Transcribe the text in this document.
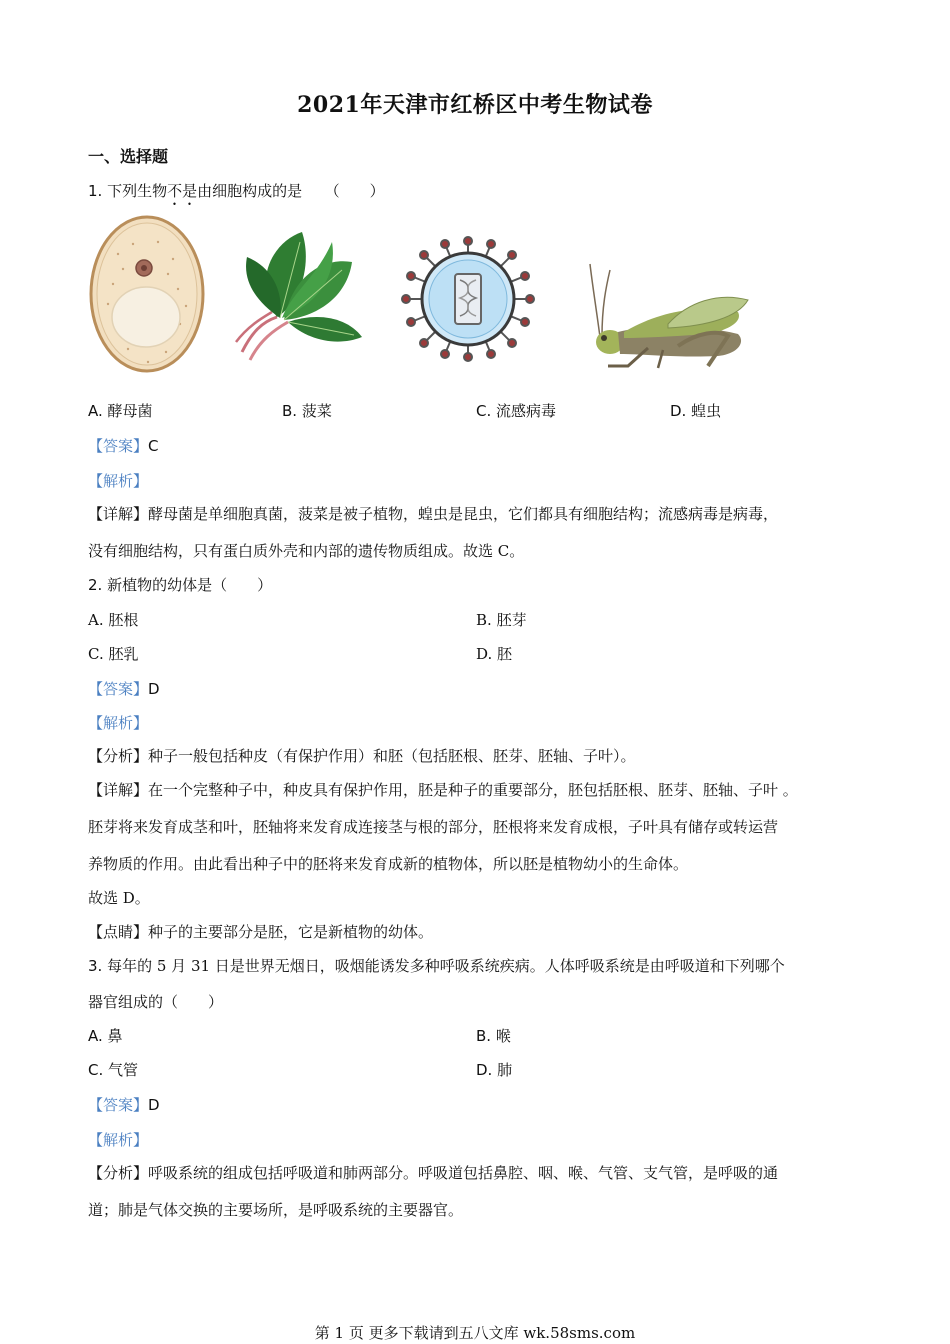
2021年天津市红桥区中考生物试卷
一、选择题
1. 下列生物不是由细胞构成的是　　（　　）
A. 酵母菌	B. 菠菜	C. 流感病毒	D. 蝗虫
【答案】C
【解析】
【详解】酵母菌是单细胞真菌，菠菜是被子植物，蝗虫是昆虫，它们都具有细胞结构；流感病毒是病毒，
没有细胞结构，只有蛋白质外壳和内部的遗传物质组成。故选 C。
2. 新植物的幼体是（　　）
A. 胚根	B. 胚芽
C. 胚乳	D. 胚
【答案】D
【解析】
【分析】种子一般包括种皮（有保护作用）和胚（包括胚根、胚芽、胚轴、子叶）。
【详解】在一个完整种子中，种皮具有保护作用，胚是种子的重要部分，胚包括胚根、胚芽、胚轴、子叶 。
胚芽将来发育成茎和叶，胚轴将来发育成连接茎与根的部分，胚根将来发育成根，子叶具有储存或转运营
养物质的作用。由此看出种子中的胚将来发育成新的植物体，所以胚是植物幼小的生命体。
故选 D。
【点睛】种子的主要部分是胚，它是新植物的幼体。
3. 每年的 5 月 31 日是世界无烟日，吸烟能诱发多种呼吸系统疾病。人体呼吸系统是由呼吸道和下列哪个
器官组成的（　　）
A. 鼻	B. 喉
C. 气管	D. 肺
【答案】D
【解析】
【分析】呼吸系统的组成包括呼吸道和肺两部分。呼吸道包括鼻腔、咽、喉、气管、支气管，是呼吸的通
道；肺是气体交换的主要场所，是呼吸系统的主要器官。
第 1 页 更多下载请到五八文库 wk.58sms.com
